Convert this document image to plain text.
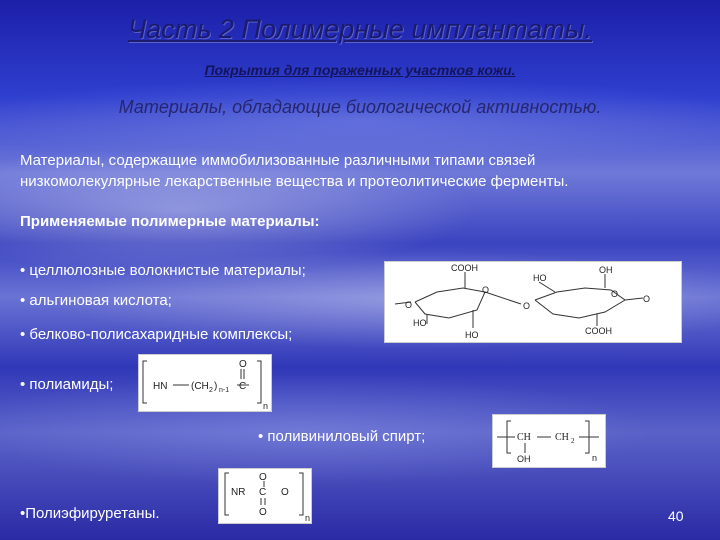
Часть 2 Полимерные имплантаты.
Покрытия для пораженных участков кожи.
Материалы, обладающие биологической активностью.
Материалы, содержащие иммобилизованные различными типами связей
низкомолекулярные лекарственные вещества и протеолитические ферменты.
Применяемые полимерные материалы:
• целлюлозные волокнистые материалы;
• альгиновая кислота;
• белково-полисахаридные комплексы;
• полиамиды;
• поливиниловый спирт;
•Полиэфируретаны.
COOH	OH
HO
O	O
O	O
O
HO
HO	COOH
HN (CH 2 ) n-1 C
O
n
CH CH 2
OH	n
NR C O
O
O	n	40
